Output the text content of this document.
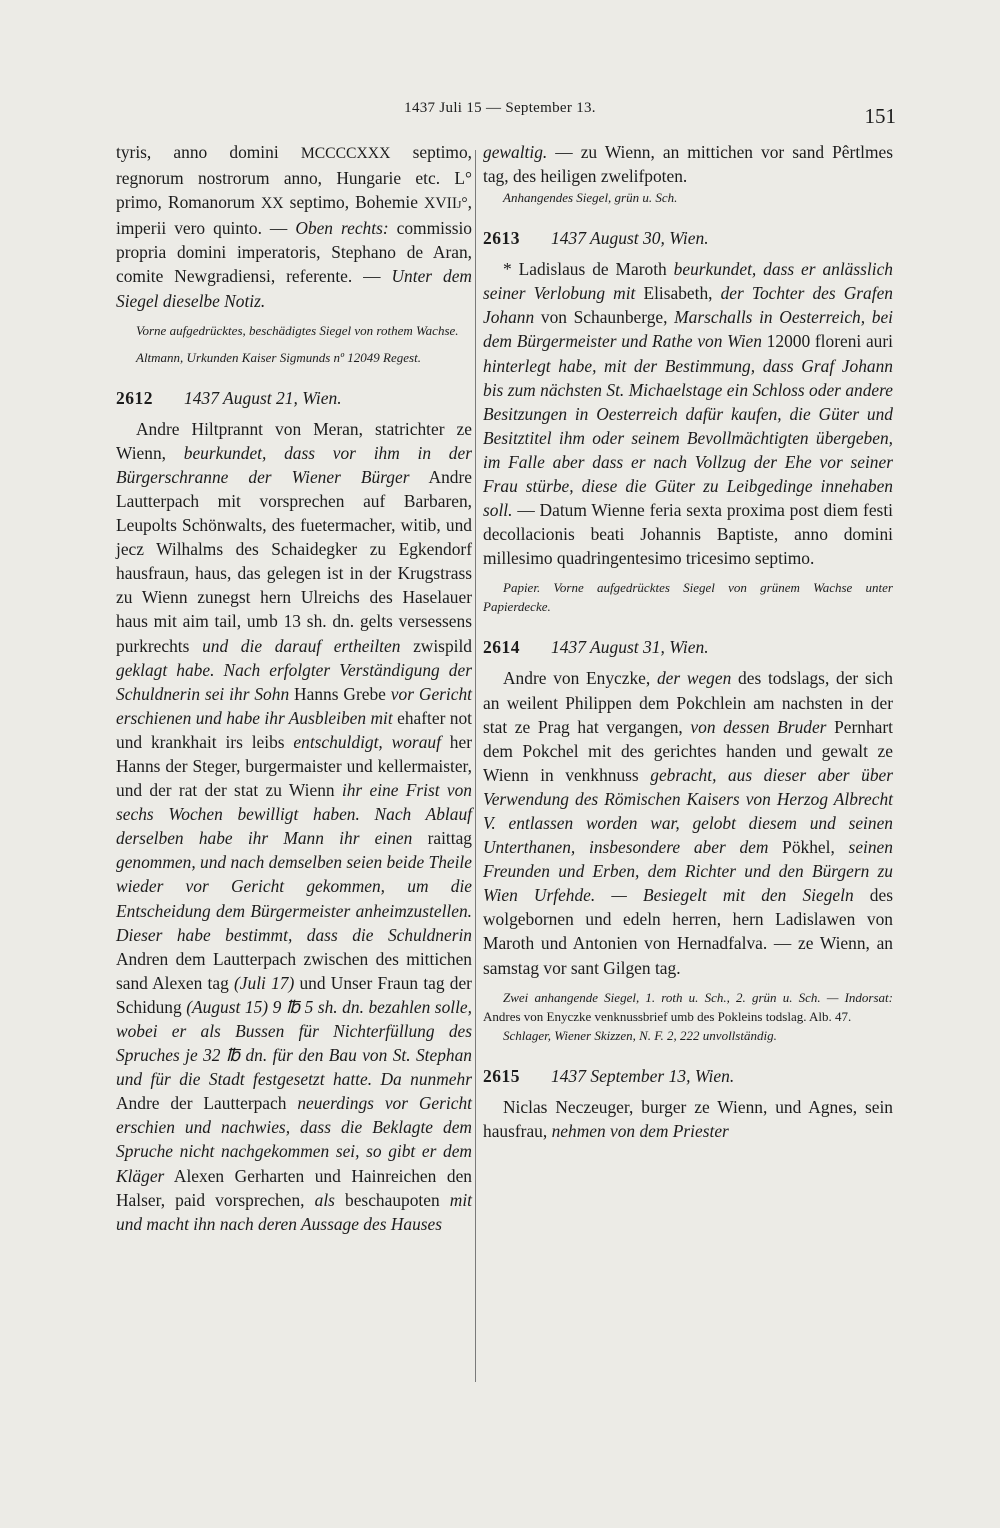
1437 Juli 15 — September 13.	151

tyris, anno domini MCCCCXXX septimo, regnorum nostrorum anno, Hungarie etc. L° primo, Romanorum XX septimo, Bohemie XVIIj°, imperii vero quinto. — Oben rechts: commissio propria domini imperatoris, Stephano de Aran, comite Newgradiensi, referente. — Unter dem Siegel dieselbe Notiz.

Vorne aufgedrücktes, beschädigtes Siegel von rothem Wachse.

Altmann, Urkunden Kaiser Sigmunds nº 12049 Regest.

2612	1437 August 21, Wien.

Andre Hiltprannt von Meran, statrichter ze Wienn, beurkundet, dass vor ihm in der Bürgerschranne der Wiener Bürger Andre Lautterpach mit vorsprechen auf Barbaren, Leupolts Schönwalts, des fuetermacher, witib, und jecz Wilhalms des Schaidegker zu Egkendorf hausfraun, haus, das gelegen ist in der Krugstrass zu Wienn zunegst hern Ulreichs des Haselauer haus mit aim tail, umb 13 sh. dn. gelts versessens purkrechts und die darauf ertheilten zwispild geklagt habe. Nach erfolgter Verständigung der Schuldnerin sei ihr Sohn Hanns Grebe vor Gericht erschienen und habe ihr Ausbleiben mit ehafter not und krankhait irs leibs entschuldigt, worauf her Hanns der Steger, burgermaister und kellermaister, und der rat der stat zu Wienn ihr eine Frist von sechs Wochen bewilligt haben. Nach Ablauf derselben habe ihr Mann ihr einen raittag genommen, und nach demselben seien beide Theile wieder vor Gericht gekommen, um die Entscheidung dem Bürgermeister anheimzustellen. Dieser habe bestimmt, dass die Schuldnerin Andren dem Lautterpach zwischen des mittichen sand Alexen tag (Juli 17) und Unser Fraun tag der Schidung (August 15) 9 ℔ 5 sh. dn. bezahlen solle, wobei er als Bussen für Nichterfüllung des Spruches je 32 ℔ dn. für den Bau von St. Stephan und für die Stadt festgesetzt hatte. Da nunmehr Andre der Lautterpach neuerdings vor Gericht erschien und nachwies, dass die Beklagte dem Spruche nicht nachgekommen sei, so gibt er dem Kläger Alexen Gerharten und Hainreichen den Halser, paid vorsprechen, als beschaupoten mit und macht ihn nach deren Aussage des Hauses

gewaltig. — zu Wienn, an mittichen vor sand Pêrtlmes tag, des heiligen zwelifpoten.

Anhangendes Siegel, grün u. Sch.

2613	1437 August 30, Wien.

* Ladislaus de Maroth beurkundet, dass er anlässlich seiner Verlobung mit Elisabeth, der Tochter des Grafen Johann von Schaunberge, Marschalls in Oesterreich, bei dem Bürgermeister und Rathe von Wien 12000 floreni auri hinterlegt habe, mit der Bestimmung, dass Graf Johann bis zum nächsten St. Michaelstage ein Schloss oder andere Besitzungen in Oesterreich dafür kaufen, die Güter und Besitztitel ihm oder seinem Bevollmächtigten übergeben, im Falle aber dass er nach Vollzug der Ehe vor seiner Frau stürbe, diese die Güter zu Leibgedinge innehaben soll. — Datum Wienne feria sexta proxima post diem festi decollacionis beati Johannis Baptiste, anno domini millesimo quadringentesimo tricesimo septimo.

Papier. Vorne aufgedrücktes Siegel von grünem Wachse unter Papierdecke.

2614	1437 August 31, Wien.

Andre von Enyczke, der wegen des todslags, der sich an weilent Philippen dem Pokchlein am nachsten in der stat ze Prag hat vergangen, von dessen Bruder Pernhart dem Pokchel mit des gerichtes handen und gewalt ze Wienn in venkhnuss gebracht, aus dieser aber über Verwendung des Römischen Kaisers von Herzog Albrecht V. entlassen worden war, gelobt diesem und seinen Unterthanen, insbesondere aber dem Pökhel, seinen Freunden und Erben, dem Richter und den Bürgern zu Wien Urfehde. — Besiegelt mit den Siegeln des wolgebornen und edeln herren, hern Ladislawen von Maroth und Antonien von Hernadfalva. — ze Wienn, an samstag vor sant Gilgen tag.

Zwei anhangende Siegel, 1. roth u. Sch., 2. grün u. Sch. — Indorsat: Andres von Enyczke venknussbrief umb des Pokleins todslag. Alb. 47.

Schlager, Wiener Skizzen, N. F. 2, 222 unvollständig.

2615	1437 September 13, Wien.

Niclas Neczeuger, burger ze Wienn, und Agnes, sein hausfrau, nehmen von dem Priester
